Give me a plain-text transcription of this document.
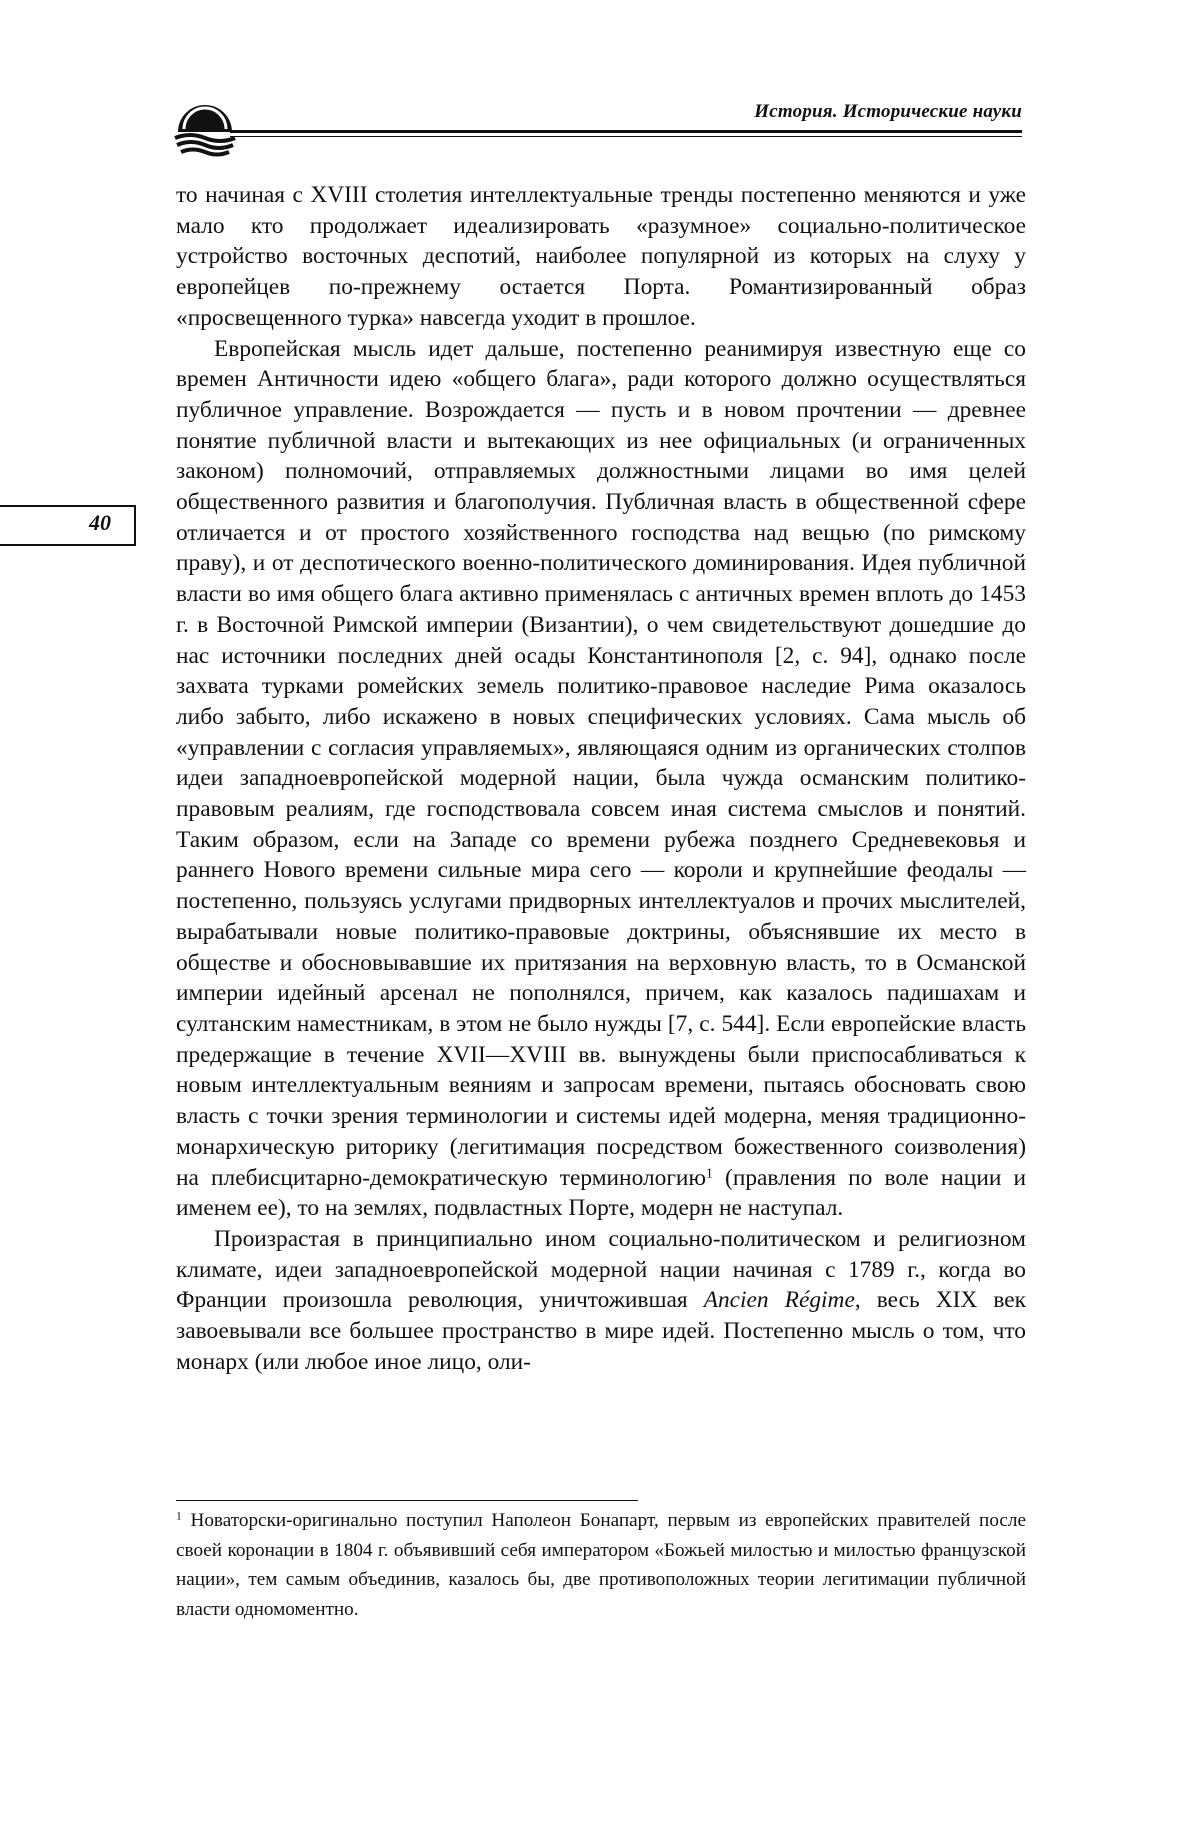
История. Исторические науки
40

то начиная с XVIII столетия интеллектуальные тренды постепенно меняются и уже мало кто продолжает идеализировать «разумное» социально-политическое устройство восточных деспотий, наиболее популярной из которых на слуху у европейцев по-прежнему остается Порта. Романтизированный образ «просвещенного турка» навсегда уходит в прошлое.

Европейская мысль идет дальше, постепенно реанимируя известную еще со времен Античности идею «общего блага», ради которого должно осуществляться публичное управление. Возрождается — пусть и в новом прочтении — древнее понятие публичной власти и вытекающих из нее официальных (и ограниченных законом) полномочий, отправляемых должностными лицами во имя целей общественного развития и благополучия. Публичная власть в общественной сфере отличается и от простого хозяйственного господства над вещью (по римскому праву), и от деспотического военно-политического доминирования. Идея публичной власти во имя общего блага активно применялась с античных времен вплоть до 1453 г. в Восточной Римской империи (Византии), о чем свидетельствуют дошедшие до нас источники последних дней осады Константинополя [2, с. 94], однако после захвата турками ромейских земель политико-правовое наследие Рима оказалось либо забыто, либо искажено в новых специфических условиях. Сама мысль об «управлении с согласия управляемых», являющаяся одним из органических столпов идеи западноевропейской модерной нации, была чужда османским политико-правовым реалиям, где господствовала совсем иная система смыслов и понятий. Таким образом, если на Западе со времени рубежа позднего Средневековья и раннего Нового времени сильные мира сего — короли и крупнейшие феодалы — постепенно, пользуясь услугами придворных интеллектуалов и прочих мыслителей, вырабатывали новые политико-правовые доктрины, объяснявшие их место в обществе и обосновывавшие их притязания на верховную власть, то в Османской империи идейный арсенал не пополнялся, причем, как казалось падишахам и султанским наместникам, в этом не было нужды [7, с. 544]. Если европейские власть предержащие в течение XVII—XVIII вв. вынуждены были приспосабливаться к новым интеллектуальным веяниям и запросам времени, пытаясь обосновать свою власть с точки зрения терминологии и системы идей модерна, меняя традиционно-монархическую риторику (легитимация посредством божественного соизволения) на плебисцитарно-демократическую терминологию$^1$ (правления по воле нации и именем ее), то на землях, подвластных Порте, модерн не наступал.

Произрастая в принципиально ином социально-политическом и религиозном климате, идеи западноевропейской модерной нации начиная с 1789 г., когда во Франции произошла революция, уничтожившая Ancien Régime, весь XIX век завоевывали все большее пространство в мире идей. Постепенно мысль о том, что монарх (или любое иное лицо, оли-

$^1$ Новаторски-оригинально поступил Наполеон Бонапарт, первым из европейских правителей после своей коронации в 1804 г. объявивший себя императором «Божьей милостью и милостью французской нации», тем самым объединив, казалось бы, две противоположных теории легитимации публичной власти одномоментно.
